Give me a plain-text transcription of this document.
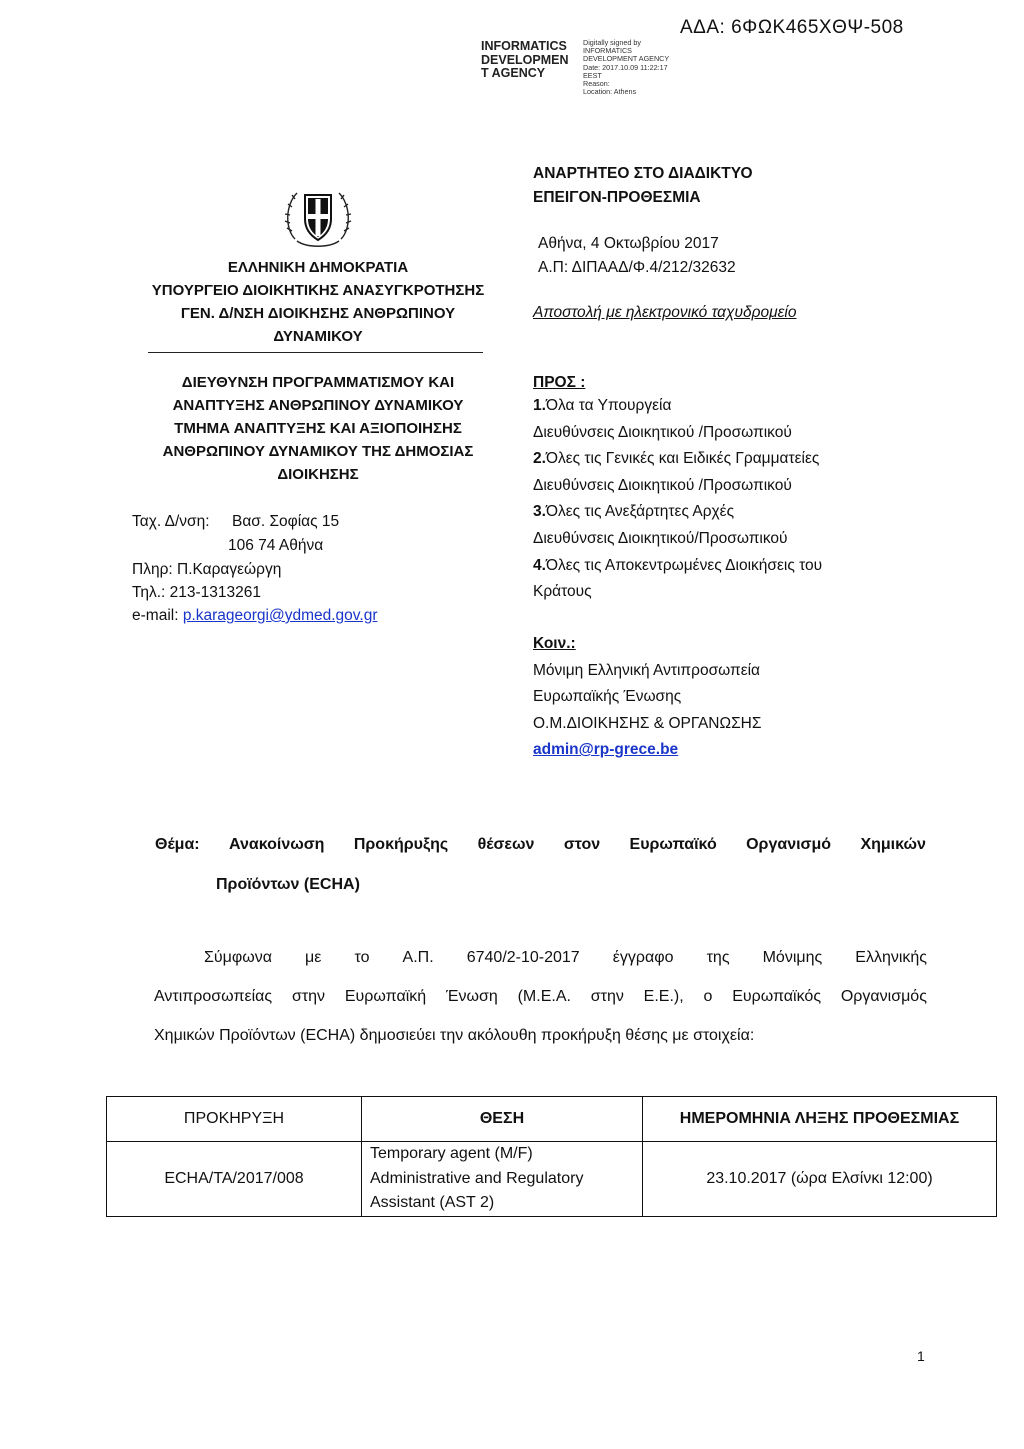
ΑΔΑ: 6ΦΩΚ465ΧΘΨ-508
INFORMATICS
DEVELOPMEN
T AGENCY
Digitally signed by
INFORMATICS
DEVELOPMENT AGENCY
Date: 2017.10.09 11:22:17
EEST
Reason:
Location: Athens
ΕΛΛΗΝΙΚΗ ΔΗΜΟΚΡΑΤΙΑ
ΥΠΟΥΡΓΕΙΟ ΔΙΟΙΚΗΤΙΚΗΣ ΑΝΑΣΥΓΚΡΟΤΗΣΗΣ
ΓΕΝ. Δ/ΝΣΗ ΔΙΟΙΚΗΣΗΣ ΑΝΘΡΩΠΙΝΟΥ
ΔΥΝΑΜΙΚΟΥ
ΔΙΕΥΘΥΝΣΗ ΠΡΟΓΡΑΜΜΑΤΙΣΜΟΥ ΚΑΙ
ΑΝΑΠΤΥΞΗΣ ΑΝΘΡΩΠΙΝΟΥ ΔΥΝΑΜΙΚΟΥ
ΤΜΗΜΑ ΑΝΑΠΤΥΞΗΣ ΚΑΙ ΑΞΙΟΠΟΙΗΣΗΣ
ΑΝΘΡΩΠΙΝΟΥ ΔΥΝΑΜΙΚΟΥ ΤΗΣ ΔΗΜΟΣΙΑΣ
ΔΙΟΙΚΗΣΗΣ
Ταχ. Δ/νση: Βασ. Σοφίας 15
106 74 Αθήνα
Πληρ: Π.Καραγεώργη
Τηλ.: 213-1313261
e-mail: p.karageorgi@ydmed.gov.gr
ΑΝΑΡΤΗΤΕΟ ΣΤΟ ΔΙΑΔΙΚΤΥΟ
ΕΠΕΙΓΟΝ-ΠΡΟΘΕΣΜΙΑ
Αθήνα, 4 Οκτωβρίου 2017
Α.Π: ΔΙΠΑΑΔ/Φ.4/212/32632
Αποστολή με ηλεκτρονικό ταχυδρομείο
ΠΡΟΣ :
1.Όλα τα Υπουργεία
Διευθύνσεις Διοικητικού /Προσωπικού
2.Όλες τις Γενικές και Ειδικές Γραμματείες
Διευθύνσεις Διοικητικού /Προσωπικού
3.Όλες τις Ανεξάρτητες Αρχές
Διευθύνσεις Διοικητικού/Προσωπικού
4.Όλες τις Αποκεντρωμένες Διοικήσεις του
Κράτους
Κοιν.:
Μόνιμη Ελληνική Αντιπροσωπεία
Ευρωπαϊκής Ένωσης
Ο.Μ.ΔΙΟΙΚΗΣΗΣ & ΟΡΓΑΝΩΣΗΣ
admin@rp-grece.be
Θέμα: Ανακοίνωση Προκήρυξης θέσεων στον Ευρωπαϊκό Οργανισμό Χημικών
Προϊόντων (ECHA)
Σύμφωνα με το Α.Π. 6740/2-10-2017 έγγραφο της Μόνιμης Ελληνικής
Αντιπροσωπείας στην Ευρωπαϊκή Ένωση (Μ.Ε.Α. στην Ε.Ε.), ο Ευρωπαϊκός Οργανισμός
Χημικών Προϊόντων (ECHA) δημοσιεύει την ακόλουθη προκήρυξη θέσης με στοιχεία:
ΠΡΟΚΗΡΥΞΗ	ΘΕΣΗ	ΗΜΕΡΟΜΗΝΙΑ ΛΗΞΗΣ ΠΡΟΘΕΣΜΙΑΣ
ECHA/TA/2017/008	Temporary agent (M/F)
Administrative and Regulatory
Assistant (AST 2)	23.10.2017 (ώρα Ελσίνκι 12:00)
1
